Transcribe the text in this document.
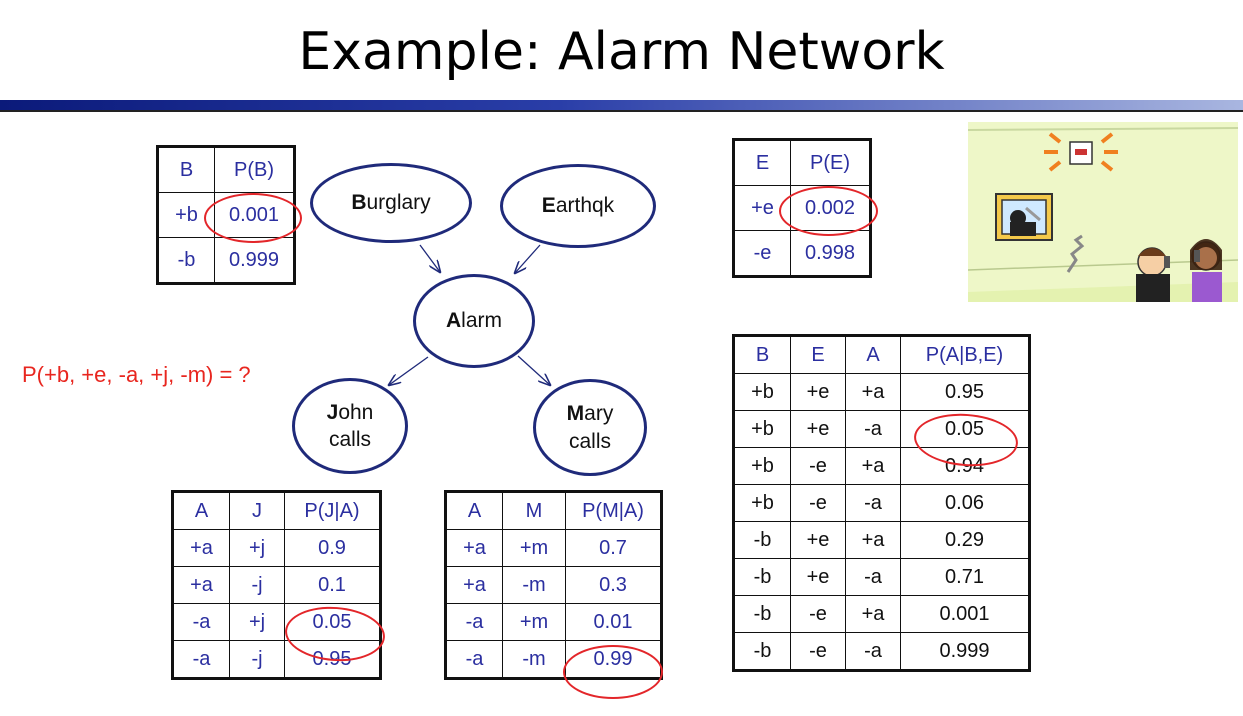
Example: Alarm Network
Burglary	Earthqk
Alarm
John
calls
Mary
calls
P(+b, +e, -a, +j, -m) = ?
B	P(B)
+b	0.001
-b	0.999
E	P(E)
+e	0.002
-e	0.998
A	J	P(J|A)
+a	+j	0.9
+a	-j	0.1
-a	+j	0.05
-a	-j	0.95
A	M	P(M|A)
+a	+m	0.7
+a	-m	0.3
-a	+m	0.01
-a	-m	0.99
B	E	A	P(A|B,E)
+b	+e	+a	0.95
+b	+e	-a	0.05
+b	-e	+a	0.94
+b	-e	-a	0.06
-b	+e	+a	0.29
-b	+e	-a	0.71
-b	-e	+a	0.001
-b	-e	-a	0.999
